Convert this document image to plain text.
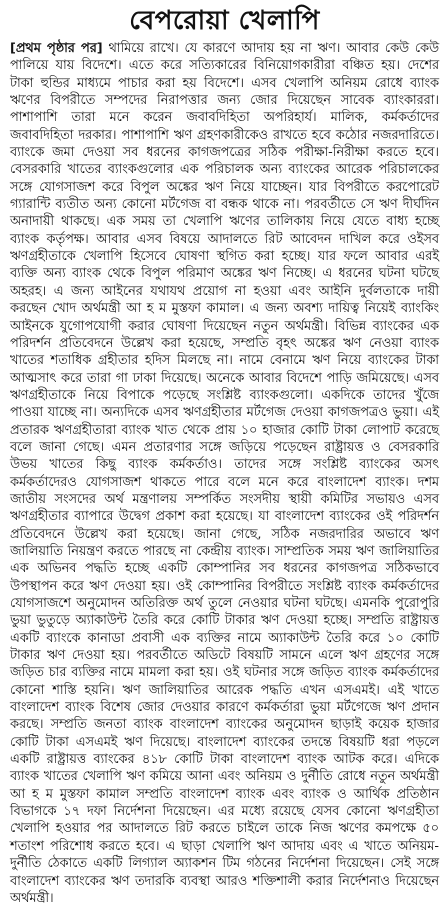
বেপরোয়া খেলাপি

[প্রথম পৃষ্ঠার পর] থামিয়ে রাখে। যে কারণে আদায় হয় না ঋণ। আবার কেউ কেউ পালিয়ে যায় বিদেশে। এতে করে সত্যিকারের বিনিয়োগকারীরা বঞ্চিত হয়। দেশের টাকা হুন্ডির মাধ্যমে পাচার করা হয় বিদেশে। এসব খেলাপি অনিয়ম রোধে ব্যাংক ঋণের বিপরীতে সম্পদের নিরাপত্তার জন্য জোর দিয়েছেন সাবেক ব্যাংকাররা। পাশাপাশি তারা মনে করেন জবাবদিহিতা অপরিহার্য। মালিক, কর্মকর্তাদের জবাবদিহিতা দরকার। পাশাপাশি ঋণ গ্রহণকারীকেও রাখতে হবে কঠোর নজরদারিতে। ব্যাংকে জমা দেওয়া সব ধরনের কাগজপত্রের সঠিক পরীক্ষা-নিরীক্ষা করতে হবে। বেসরকারি খাতের ব্যাংকগুলোর এক পরিচালক অন্য ব্যাংকের আরেক পরিচালকের সঙ্গে যোগসাজশ করে বিপুল অঙ্কের ঋণ নিয়ে যাচ্ছেন। যার বিপরীতে করপোরেট গ্যারান্টি ব্যতীত অন্য কোনো মর্টগেজ বা বন্ধক থাকে না। পরবর্তীতে সে ঋণ দীর্ঘদিন অনাদায়ী থাকছে। এক সময় তা খেলাপি ঋণের তালিকায় নিয়ে যেতে বাধ্য হচ্ছে ব্যাংক কর্তৃপক্ষ। আবার এসব বিষয়ে আদালতে রিট আবেদন দাখিল করে ওইসব ঋণগ্রহীতাকে খেলাপি হিসেবে ঘোষণা স্থগিত করা হচ্ছে। যার ফলে আবার এরই ব্যক্তি অন্য ব্যাংক থেকে বিপুল পরিমাণ অঙ্কের ঋণ নিচ্ছে। এ ধরনের ঘটনা ঘটছে অহরহ। এ জন্য আইনের যথাযথ প্রয়োগ না হওয়া এবং আইনি দুর্বলতাকে দায়ী করছেন খোদ অর্থমন্ত্রী আ হ ম মুস্তফা কামাল। এ জন্য অবশ্য দায়িত্ব নিয়েই ব্যাংকিং আইনকে যুগোপযোগী করার ঘোষণা দিয়েছেন নতুন অর্থমন্ত্রী। বিভিন্ন ব্যাংকের এক পরিদর্শন প্রতিবেদনে উল্লেখ করা হয়েছে, সম্প্রতি বৃহৎ অঙ্কের ঋণ নেওয়া ব্যাংক খাতের শতাধিক গ্রহীতার হদিস মিলছে না। নামে বেনামে ঋণ নিয়ে ব্যাংকের টাকা আত্মসাৎ করে তারা গা ঢাকা দিয়েছে। অনেকে আবার বিদেশে পাড়ি জমিয়েছে। এসব ঋণগ্রহীতাকে নিয়ে বিপাকে পড়েছে সংশ্লিষ্ট ব্যাংকগুলো। একদিকে তাদের খুঁজে পাওয়া যাচ্ছে না। অন্যদিকে এসব ঋণগ্রহীতার মর্টগেজ দেওয়া কাগজপত্রও ভুয়া। এই প্রতারক ঋণগ্রহীতারা ব্যাংক খাত থেকে প্রায় ১০ হাজার কোটি টাকা লোপাট করেছে বলে জানা গেছে। এমন প্রতারণার সঙ্গে জড়িয়ে পড়েছেন রাষ্ট্রায়ত্ত ও বেসরকারি উভয় খাতের কিছু ব্যাংক কর্মকর্তাও। তাদের সঙ্গে সংশ্লিষ্ট ব্যাংকের অসৎ কর্মকর্তাদেরও যোগসাজশ থাকতে পারে বলে মনে করে বাংলাদেশ ব্যাংক। দশম জাতীয় সংসদের অর্থ মন্ত্রণালয় সম্পর্কিত সংসদীয় স্থায়ী কমিটির সভায়ও এসব ঋণগ্রহীতার ব্যাপারে উদ্বেগ প্রকাশ করা হয়েছে। যা বাংলাদেশ ব্যাংকের ওই পরিদর্শন প্রতিবেদনে উল্লেখ করা হয়েছে। জানা গেছে, সঠিক নজরদারির অভাবে ঋণ জালিয়াতি নিয়ন্ত্রণ করতে পারছে না কেন্দ্রীয় ব্যাংক। সাম্প্রতিক সময় ঋণ জালিয়াতির এক অভিনব পদ্ধতি হচ্ছে একটি কোম্পানির সব ধরনের কাগজপত্র সঠিকভাবে উপস্থাপন করে ঋণ দেওয়া হয়। ওই কোম্পানির বিপরীতে সংশ্লিষ্ট ব্যাংক কর্মকর্তাদের যোগসাজশে অনুমোদন অতিরিক্ত অর্থ তুলে নেওয়ার ঘটনা ঘটছে। এমনকি পুরোপুরি ভুয়া ভুতুড়ে অ্যাকাউন্ট তৈরি করে কোটি টাকার ঋণ দেওয়া হচ্ছে। সম্প্রতি রাষ্ট্রায়ত্ত একটি ব্যাংকে কানাডা প্রবাসী এক ব্যক্তির নামে অ্যাকাউন্ট তৈরি করে ১০ কোটি টাকার ঋণ দেওয়া হয়। পরবর্তীতে অডিটে বিষয়টি সামনে এলে ঋণ গ্রহণের সঙ্গে জড়িত চার ব্যক্তির নামে মামলা করা হয়। ওই ঘটনার সঙ্গে জড়িত ব্যাংক কর্মকর্তাদের কোনো শাস্তি হয়নি। ঋণ জালিয়াতির আরেক পদ্ধতি এখন এসএমই। এই খাতে বাংলাদেশ ব্যাংক বিশেষ জোর দেওয়ার কারণে কর্মকর্তারা ভুয়া মর্টগেজে ঋণ প্রদান করছে। সম্প্রতি জনতা ব্যাংক বাংলাদেশ ব্যাংকের অনুমোদন ছাড়াই কয়েক হাজার কোটি টাকা এসএমই ঋণ দিয়েছে। বাংলাদেশ ব্যাংকের তদন্তে বিষয়টি ধরা পড়লে একটি রাষ্ট্রায়ত্ত ব্যাংকের ৪১৮ কোটি টাকা বাংলাদেশ ব্যাংক আটক করে। এদিকে ব্যাংক খাতের খেলাপি ঋণ কমিয়ে আনা এবং অনিয়ম ও দুর্নীতি রোধে নতুন অর্থমন্ত্রী আ হ ম মুস্তফা কামাল সম্প্রতি বাংলাদেশ ব্যাংক এবং ব্যাংক ও আর্থিক প্রতিষ্ঠান বিভাগকে ১৭ দফা নির্দেশনা দিয়েছেন। এর মধ্যে রয়েছে যেসব কোনো ঋণগ্রহীতা খেলাপি হওয়ার পর আদালতে রিট করতে চাইলে তাকে নিজ ঋণের কমপক্ষে ৫০ শতাংশ পরিশোধ করতে হবে। এ ছাড়া খেলাপি ঋণ আদায় এবং এ খাতে অনিয়ম-দুর্নীতি ঠেকাতে একটি লিগ্যাল অ্যাকশন টিম গঠনের নির্দেশনা দিয়েছেন। সেই সঙ্গে বাংলাদেশ ব্যাংকের ঋণ তদারকি ব্যবস্থা আরও শক্তিশালী করার নির্দেশনাও দিয়েছেন অর্থমন্ত্রী।
